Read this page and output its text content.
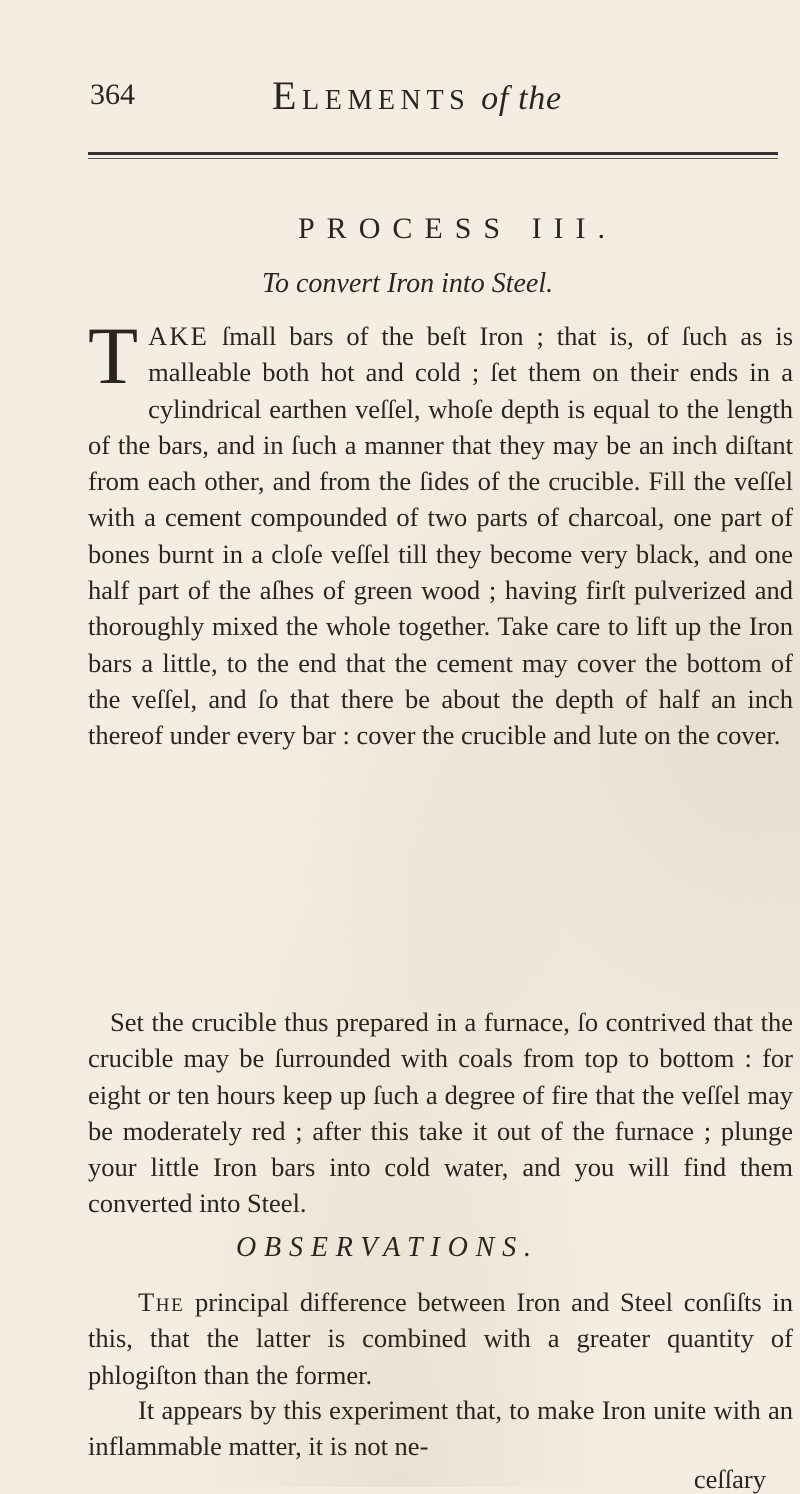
364	Elements of the
PROCESS III.
To convert Iron into Steel.
TAKE ſmall bars of the beſt Iron ; that is, of ſuch as is malleable both hot and cold ; ſet them on their ends in a cylindrical earthen veſſel, whoſe depth is equal to the length of the bars, and in ſuch a manner that they may be an inch diſtant from each other, and from the ſides of the crucible. Fill the veſſel with a cement compounded of two parts of charcoal, one part of bones burnt in a cloſe veſſel till they become very black, and one half part of the aſhes of green wood ; having firſt pulverized and thoroughly mixed the whole together. Take care to lift up the Iron bars a little, to the end that the cement may cover the bottom of the veſſel, and ſo that there be about the depth of half an inch thereof under every bar : cover the crucible and lute on the cover.
Set the crucible thus prepared in a furnace, ſo contrived that the crucible may be ſurrounded with coals from top to bottom : for eight or ten hours keep up ſuch a degree of fire that the veſſel may be moderately red ; after this take it out of the furnace ; plunge your little Iron bars into cold water, and you will find them converted into Steel.
OBSERVATIONS.
The principal difference between Iron and Steel conſiſts in this, that the latter is combined with a greater quantity of phlogiſton than the former.
It appears by this experiment that, to make Iron unite with an inflammable matter, it is not ne-
ceſſary
